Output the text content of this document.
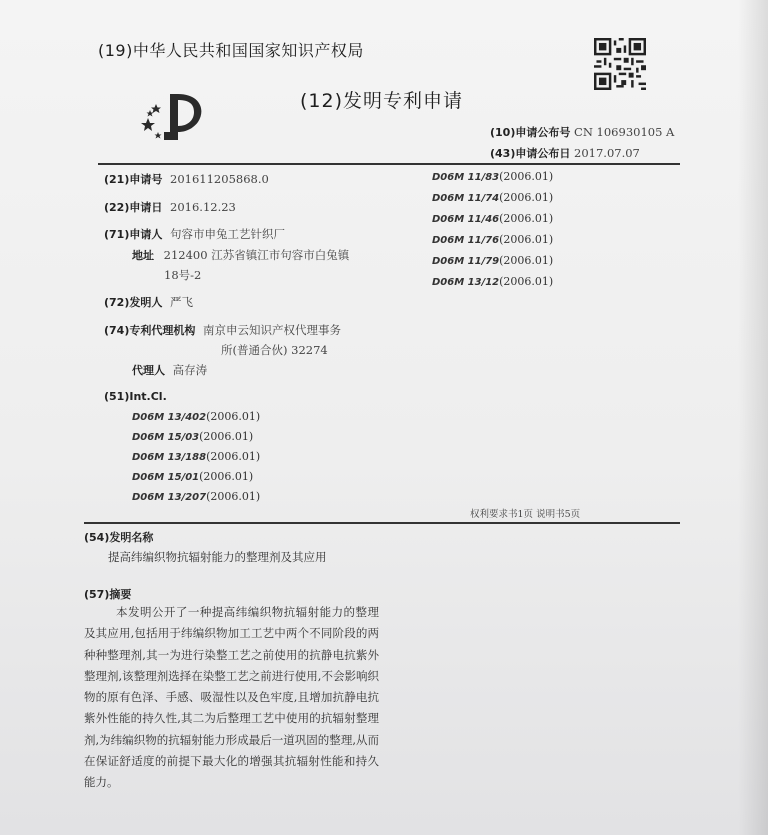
(19)中华人民共和国国家知识产权局
(12)发明专利申请
(10)申请公布号 CN 106930105 A
(43)申请公布日 2017.07.07
(21)申请号 201611205868.0
(22)申请日 2016.12.23
(71)申请人 句容市申兔工艺针织厂
地址 212400 江苏省镇江市句容市白兔镇
18号-2
(72)发明人 严飞
(74)专利代理机构 南京申云知识产权代理事务
所(普通合伙) 32274
代理人 高存涛
(51)Int.Cl.
D06M 13/402(2006.01)
D06M 15/03(2006.01)
D06M 13/188(2006.01)
D06M 15/01(2006.01)
D06M 13/207(2006.01)
D06M 11/83(2006.01)
D06M 11/74(2006.01)
D06M 11/46(2006.01)
D06M 11/76(2006.01)
D06M 11/79(2006.01)
D06M 13/12(2006.01)
权利要求书1页 说明书5页
(54)发明名称
提高纬编织物抗辐射能力的整理剂及其应用
(57)摘要
本发明公开了一种提高纬编织物抗辐射能力的整理及其应用,包括用于纬编织物加工工艺中两个不同阶段的两种种整理剂,其一为进行染整工艺之前使用的抗静电抗紫外整理剂,该整理剂选择在染整工艺之前进行使用,不会影响织物的原有色泽、手感、吸湿性以及色牢度,且增加抗静电抗紫外性能的持久性,其二为后整理工艺中使用的抗辐射整理剂,为纬编织物的抗辐射能力形成最后一道巩固的整理,从而在保证舒适度的前提下最大化的增强其抗辐射性能和持久能力。
